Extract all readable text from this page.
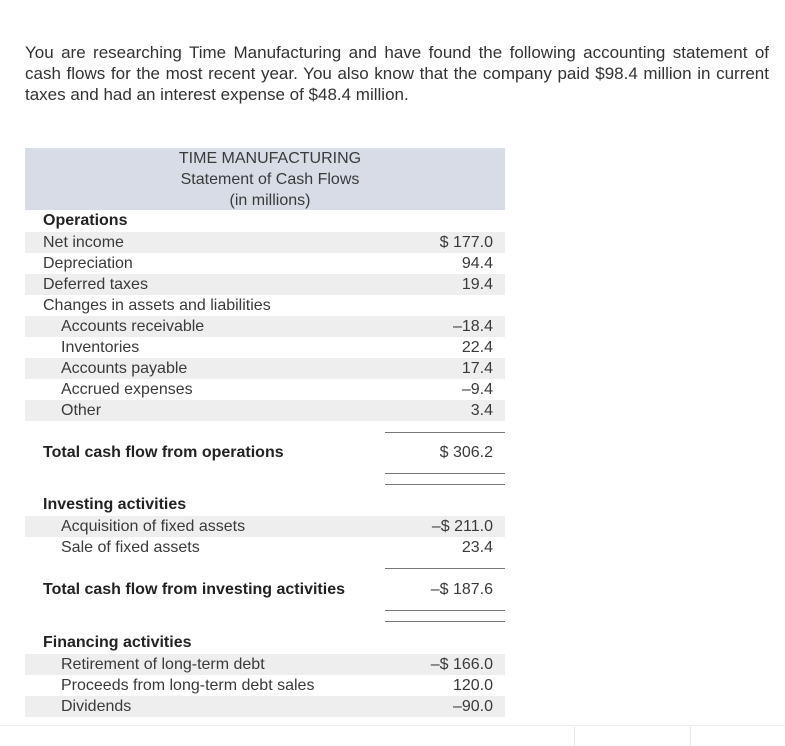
You are researching Time Manufacturing and have found the following accounting statement of cash flows for the most recent year. You also know that the company paid $98.4 million in current taxes and had an interest expense of $48.4 million.
TIME MANUFACTURING
Statement of Cash Flows
(in millions)
Operations
Net income	$ 177.0
Depreciation	94.4
Deferred taxes	19.4
Changes in assets and liabilities
Accounts receivable	–18.4
Inventories	22.4
Accounts payable	17.4
Accrued expenses	–9.4
Other	3.4
Total cash flow from operations	$ 306.2
Investing activities
Acquisition of fixed assets	–$ 211.0
Sale of fixed assets	23.4
Total cash flow from investing activities	–$ 187.6
Financing activities
Retirement of long-term debt	–$ 166.0
Proceeds from long-term debt sales	120.0
Dividends	–90.0
